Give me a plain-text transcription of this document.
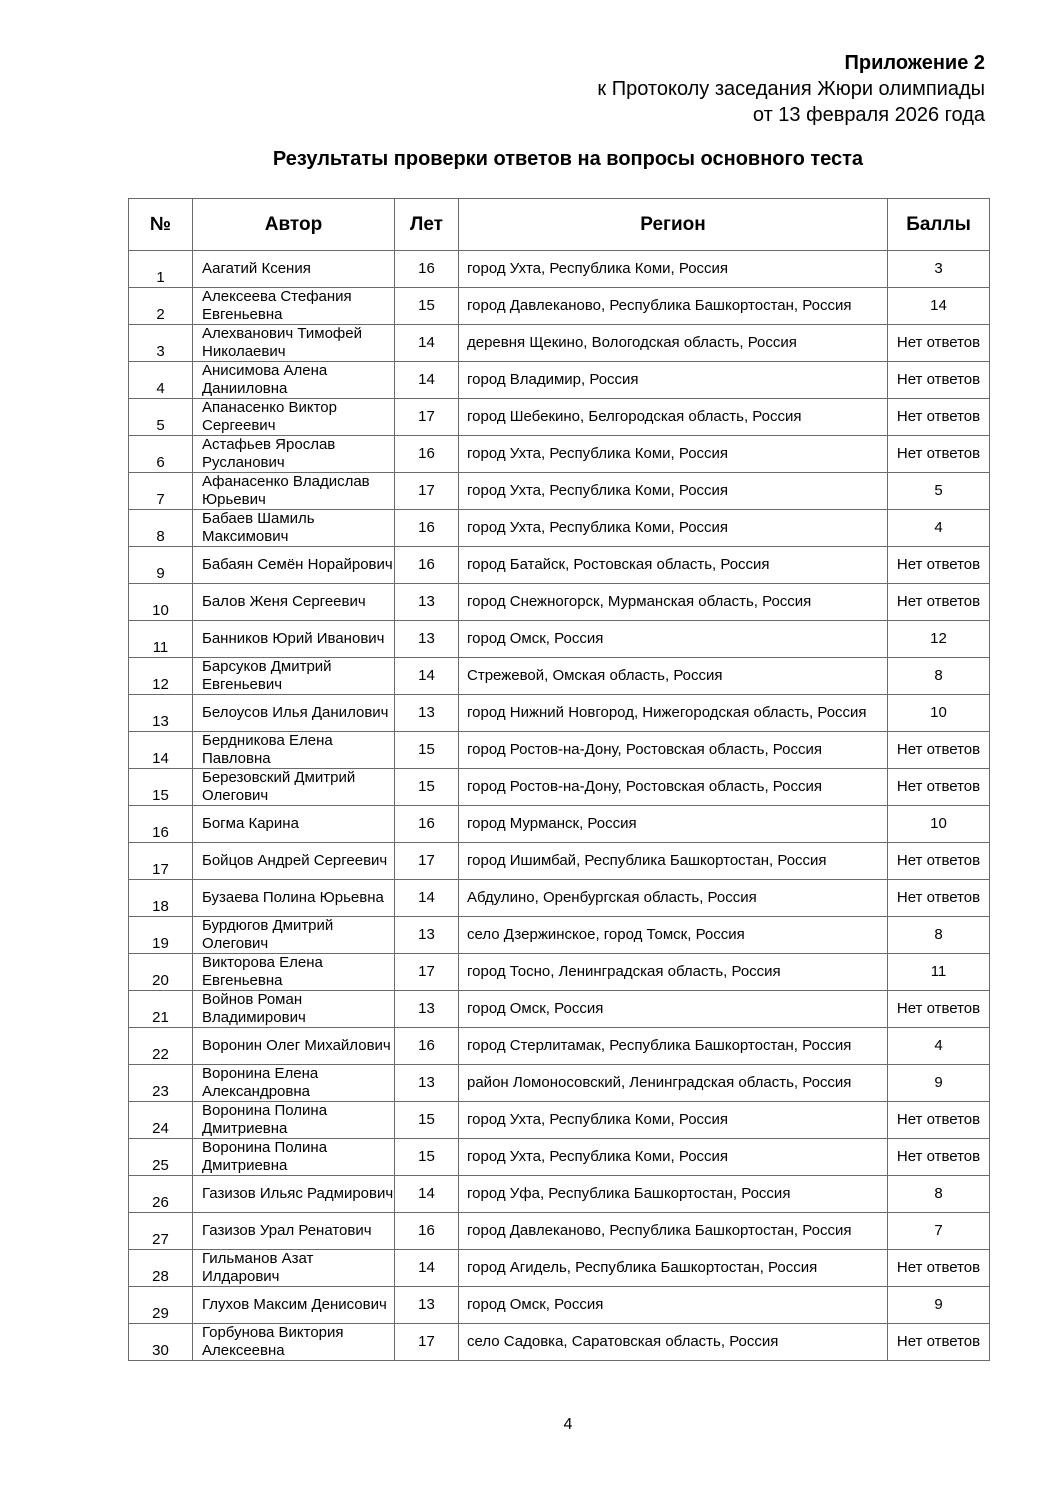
Приложение 2
к Протоколу заседания Жюри олимпиады
от 13 февраля 2026 года
Результаты проверки ответов на вопросы основного теста
№	Автор	Лет	Регион	Баллы
1	Аагатий Ксения	16	город Ухта, Республика Коми, Россия	3
2	Алексеева Стефания Евгеньевна	15	город Давлеканово, Республика Башкортостан, Россия	14
3	Алехванович Тимофей Николаевич	14	деревня Щекино, Вологодская область, Россия	Нет ответов
4	Анисимова Алена Данииловна	14	город Владимир, Россия	Нет ответов
5	Апанасенко Виктор Сергеевич	17	город Шебекино, Белгородская область, Россия	Нет ответов
6	Астафьев Ярослав Русланович	16	город Ухта, Республика Коми, Россия	Нет ответов
7	Афанасенко Владислав Юрьевич	17	город Ухта, Республика Коми, Россия	5
8	Бабаев Шамиль Максимович	16	город Ухта, Республика Коми, Россия	4
9	Бабаян Семён Норайрович	16	город Батайск, Ростовская область, Россия	Нет ответов
10	Балов Женя Сергеевич	13	город Снежногорск, Мурманская область, Россия	Нет ответов
11	Банников Юрий Иванович	13	город Омск, Россия	12
12	Барсуков Дмитрий Евгеньевич	14	Стрежевой, Омская область, Россия	8
13	Белоусов Илья Данилович	13	город Нижний Новгород, Нижегородская область, Россия	10
14	Бердникова Елена Павловна	15	город Ростов-на-Дону, Ростовская область, Россия	Нет ответов
15	Березовский Дмитрий Олегович	15	город Ростов-на-Дону, Ростовская область, Россия	Нет ответов
16	Богма Карина	16	город Мурманск, Россия	10
17	Бойцов Андрей Сергеевич	17	город Ишимбай, Республика Башкортостан, Россия	Нет ответов
18	Бузаева Полина Юрьевна	14	Абдулино, Оренбургская область, Россия	Нет ответов
19	Бурдюгов Дмитрий Олегович	13	село Дзержинское, город Томск, Россия	8
20	Викторова Елена Евгеньевна	17	город Тосно, Ленинградская область, Россия	11
21	Войнов Роман Владимирович	13	город Омск, Россия	Нет ответов
22	Воронин Олег Михайлович	16	город Стерлитамак, Республика Башкортостан, Россия	4
23	Воронина Елена Александровна	13	район Ломоносовский, Ленинградская область, Россия	9
24	Воронина Полина Дмитриевна	15	город Ухта, Республика Коми, Россия	Нет ответов
25	Воронина Полина Дмитриевна	15	город Ухта, Республика Коми, Россия	Нет ответов
26	Газизов Ильяс Радмирович	14	город Уфа, Республика Башкортостан, Россия	8
27	Газизов Урал Ренатович	16	город Давлеканово, Республика Башкортостан, Россия	7
28	Гильманов Азат Илдарович	14	город Агидель, Республика Башкортостан, Россия	Нет ответов
29	Глухов Максим Денисович	13	город Омск, Россия	9
30	Горбунова Виктория Алексеевна	17	село Садовка, Саратовская область, Россия	Нет ответов
4
